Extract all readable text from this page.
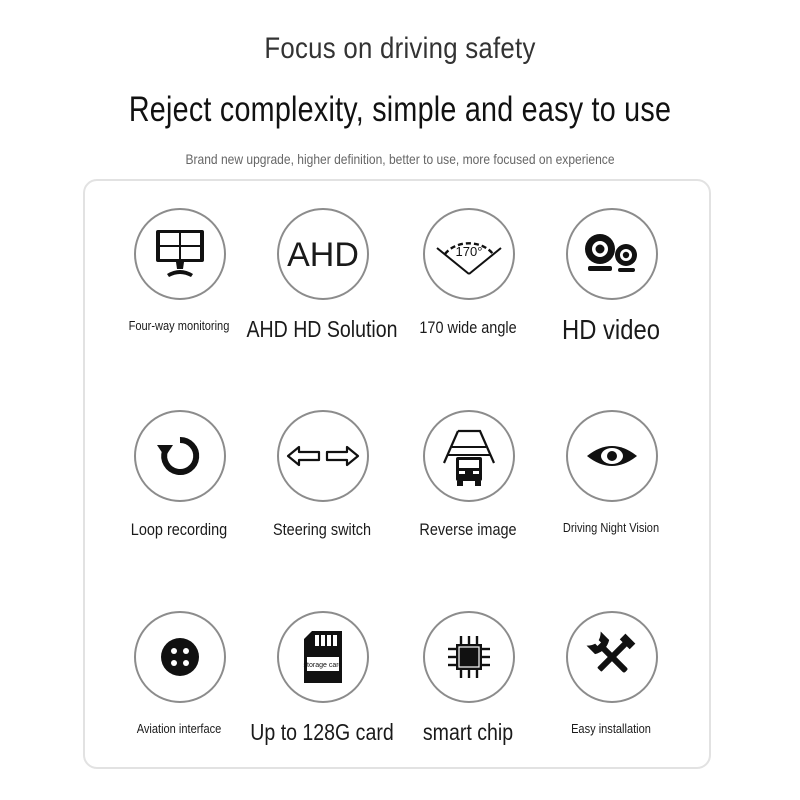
Focus on driving safety
Reject complexity, simple and easy to use
Brand new upgrade, higher definition, better to use, more focused on experience
Four-way monitoring
AHD
AHD HD Solution
170°
170 wide angle	HD video
Loop recording	Steering switch	Reverse image	Driving Night Vision
Aviation interface
storage card
Up to 128G card	smart chip	Easy installation
